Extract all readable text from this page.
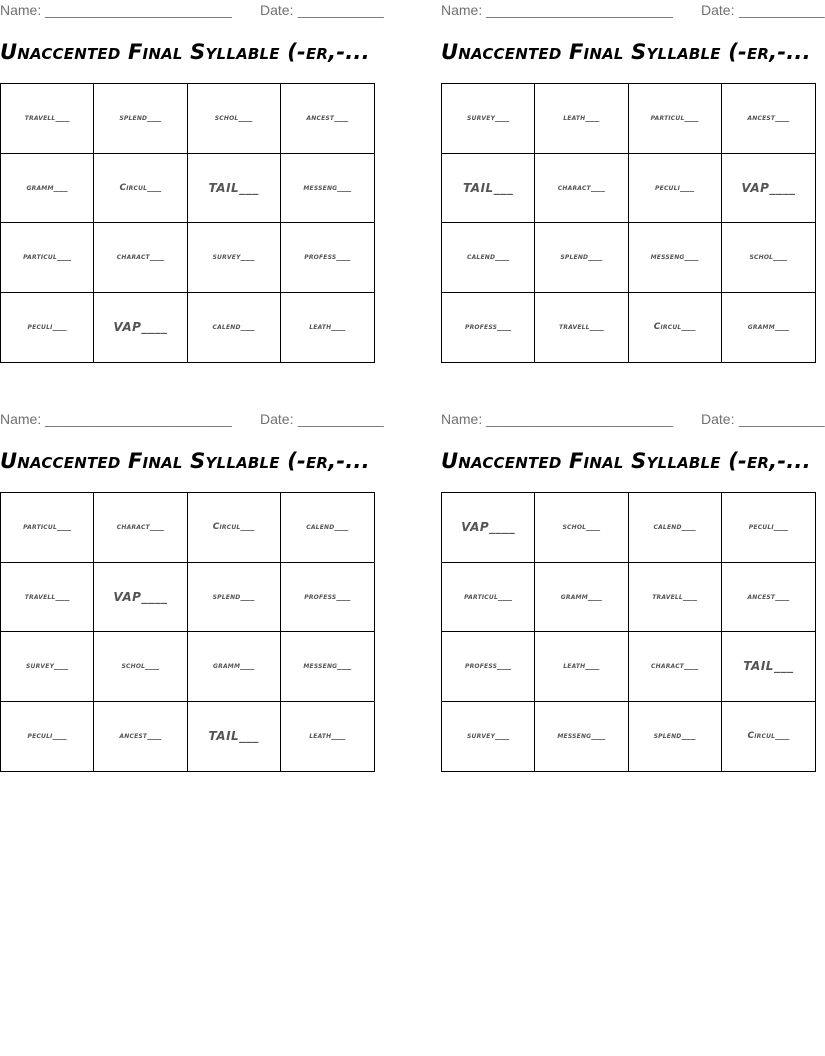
Name: ________________________ Date: ___________
Unaccented Final Syllable (-er,-...
travell___	splend___	schol___	ancest___
gramm___	Circul___	TAIL___	messeng___
particul___	charact___	survey___	profess___
peculi___	VAP____	calend___	leath___
Name: ________________________ Date: ___________
Unaccented Final Syllable (-er,-...
survey___	leath___	particul___	ancest___
TAIL___	charact___	peculi___	VAP____
calend___	splend___	messeng___	schol___
profess___	travell___	Circul___	gramm___
Name: ________________________ Date: ___________
Unaccented Final Syllable (-er,-...
particul___	charact___	Circul___	calend___
travell___	VAP____	splend___	profess___
survey___	schol___	gramm___	messeng___
peculi___	ancest___	TAIL___	leath___
Name: ________________________ Date: ___________
Unaccented Final Syllable (-er,-...
VAP____	schol___	calend___	peculi___
particul___	gramm___	travell___	ancest___
profess___	leath___	charact___	TAIL___
survey___	messeng___	splend___	Circul___
